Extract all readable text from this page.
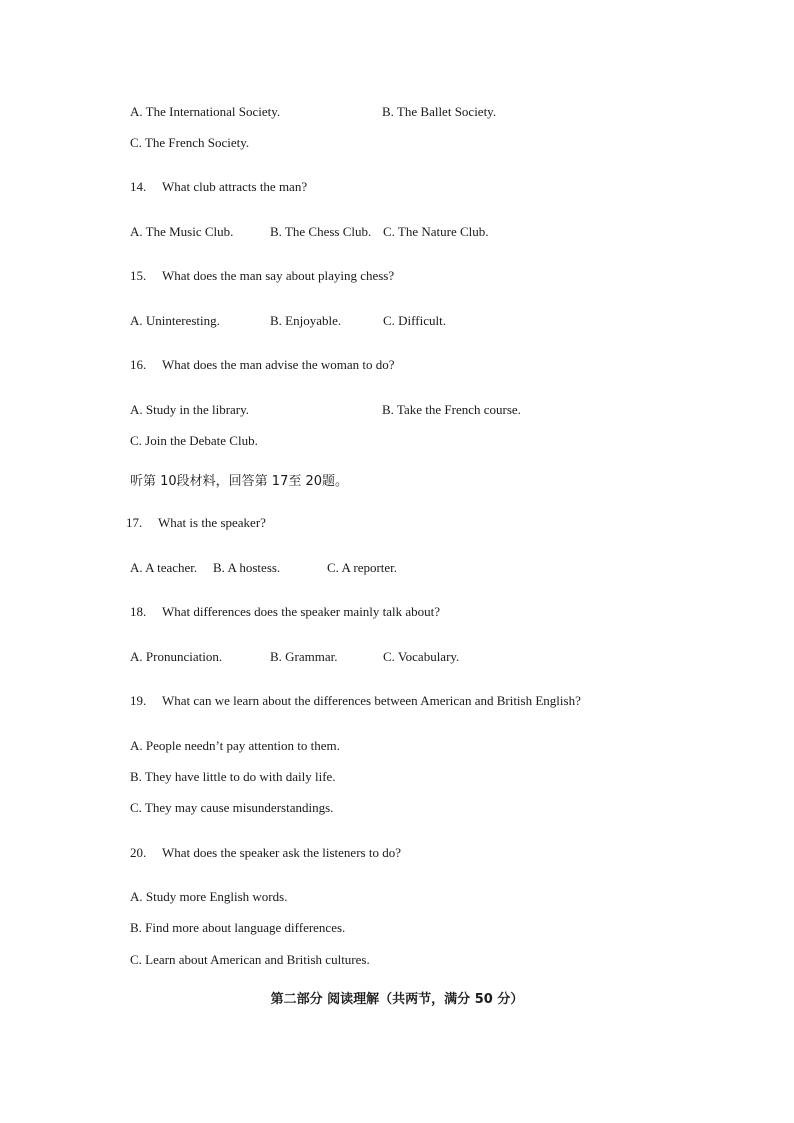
A. The International Society.	B. The Ballet Society.
C. The French Society.
14. What club attracts the man?
A. The Music Club.	B. The Chess Club. C. The Nature Club.
15. What does the man say about playing chess?
A. Uninteresting.	B. Enjoyable.	C. Difficult.
16. What does the man advise the woman to do?
A. Study in the library.	B. Take the French course.
C. Join the Debate Club.
听第 10段材料，回答第 17至 20题。
17. What is the speaker?
A. A teacher. B. A hostess.	C. A reporter.
18. What differences does the speaker mainly talk about?
A. Pronunciation.	B. Grammar.	C. Vocabulary.
19. What can we learn about the differences between American and British English?
A. People needn’t pay attention to them.
B. They have little to do with daily life.
C. They may cause misunderstandings.
20. What does the speaker ask the listeners to do?
A. Study more English words.
B. Find more about language differences.
C. Learn about American and British cultures.
第二部分 阅读理解（共两节，满分 50 分）
